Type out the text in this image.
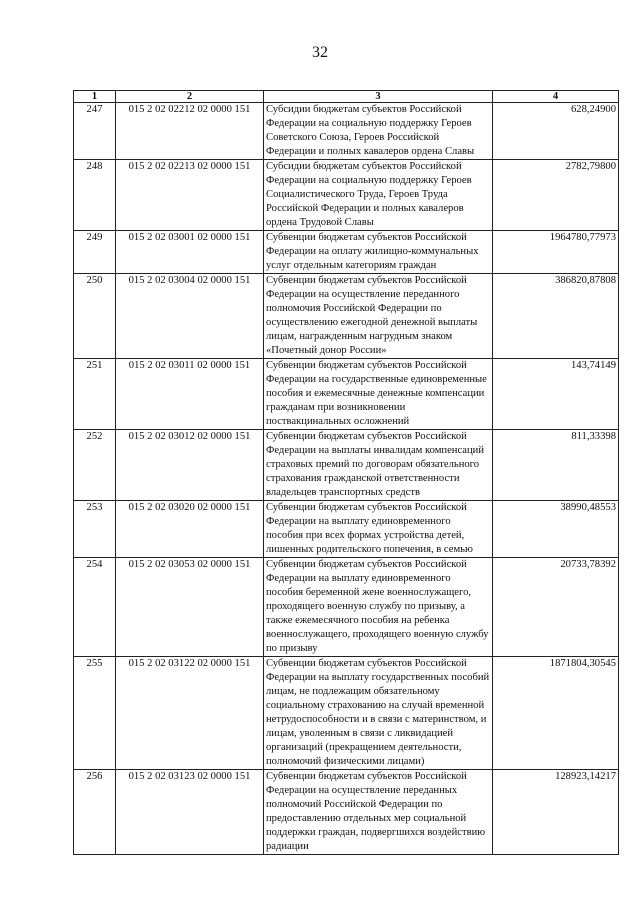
32
1	2	3	4
247	015 2 02 02212 02 0000 151	Субсидии бюджетам субъектов Российской Федерации на социальную поддержку Героев Советского Союза, Героев Российской Федерации и полных кавалеров ордена Славы	628,24900
248	015 2 02 02213 02 0000 151	Субсидии бюджетам субъектов Российской Федерации на социальную поддержку Героев Социалистического Труда, Героев Труда Российской Федерации и полных кавалеров ордена Трудовой Славы	2782,79800
249	015 2 02 03001 02 0000 151	Субвенции бюджетам субъектов Российской Федерации на оплату жилищно-коммунальных услуг отдельным категориям граждан	1964780,77973
250	015 2 02 03004 02 0000 151	Субвенции бюджетам субъектов Российской Федерации на осуществление переданного полномочия Российской Федерации по осуществлению ежегодной денежной выплаты лицам, награжденным нагрудным знаком «Почетный донор России»	386820,87808
251	015 2 02 03011 02 0000 151	Субвенции бюджетам субъектов Российской Федерации на государственные единовременные пособия и ежемесячные денежные компенсации гражданам при возникновении поствакцинальных осложнений	143,74149
252	015 2 02 03012 02 0000 151	Субвенции бюджетам субъектов Российской Федерации на выплаты инвалидам компенсаций страховых премий по договорам обязательного страхования гражданской ответственности владельцев транспортных средств	811,33398
253	015 2 02 03020 02 0000 151	Субвенции бюджетам субъектов Российской Федерации на выплату единовременного пособия при всех формах устройства детей, лишенных родительского попечения, в семью	38990,48553
254	015 2 02 03053 02 0000 151	Субвенции бюджетам субъектов Российской Федерации на выплату единовременного пособия беременной жене военнослужащего, проходящего военную службу по призыву, а также ежемесячного пособия на ребенка военнослужащего, проходящего военную службу по призыву	20733,78392
255	015 2 02 03122 02 0000 151	Субвенции бюджетам субъектов Российской Федерации на выплату государственных пособий лицам, не подлежащим обязательному социальному страхованию на случай временной нетрудоспособности и в связи с материнством, и лицам, уволенным в связи с ликвидацией организаций (прекращением деятельности, полномочий физическими лицами)	1871804,30545
256	015 2 02 03123 02 0000 151	Субвенции бюджетам субъектов Российской Федерации на осуществление переданных полномочий Российской Федерации по предоставлению отдельных мер социальной поддержки граждан, подвергшихся воздействию радиации	128923,14217
